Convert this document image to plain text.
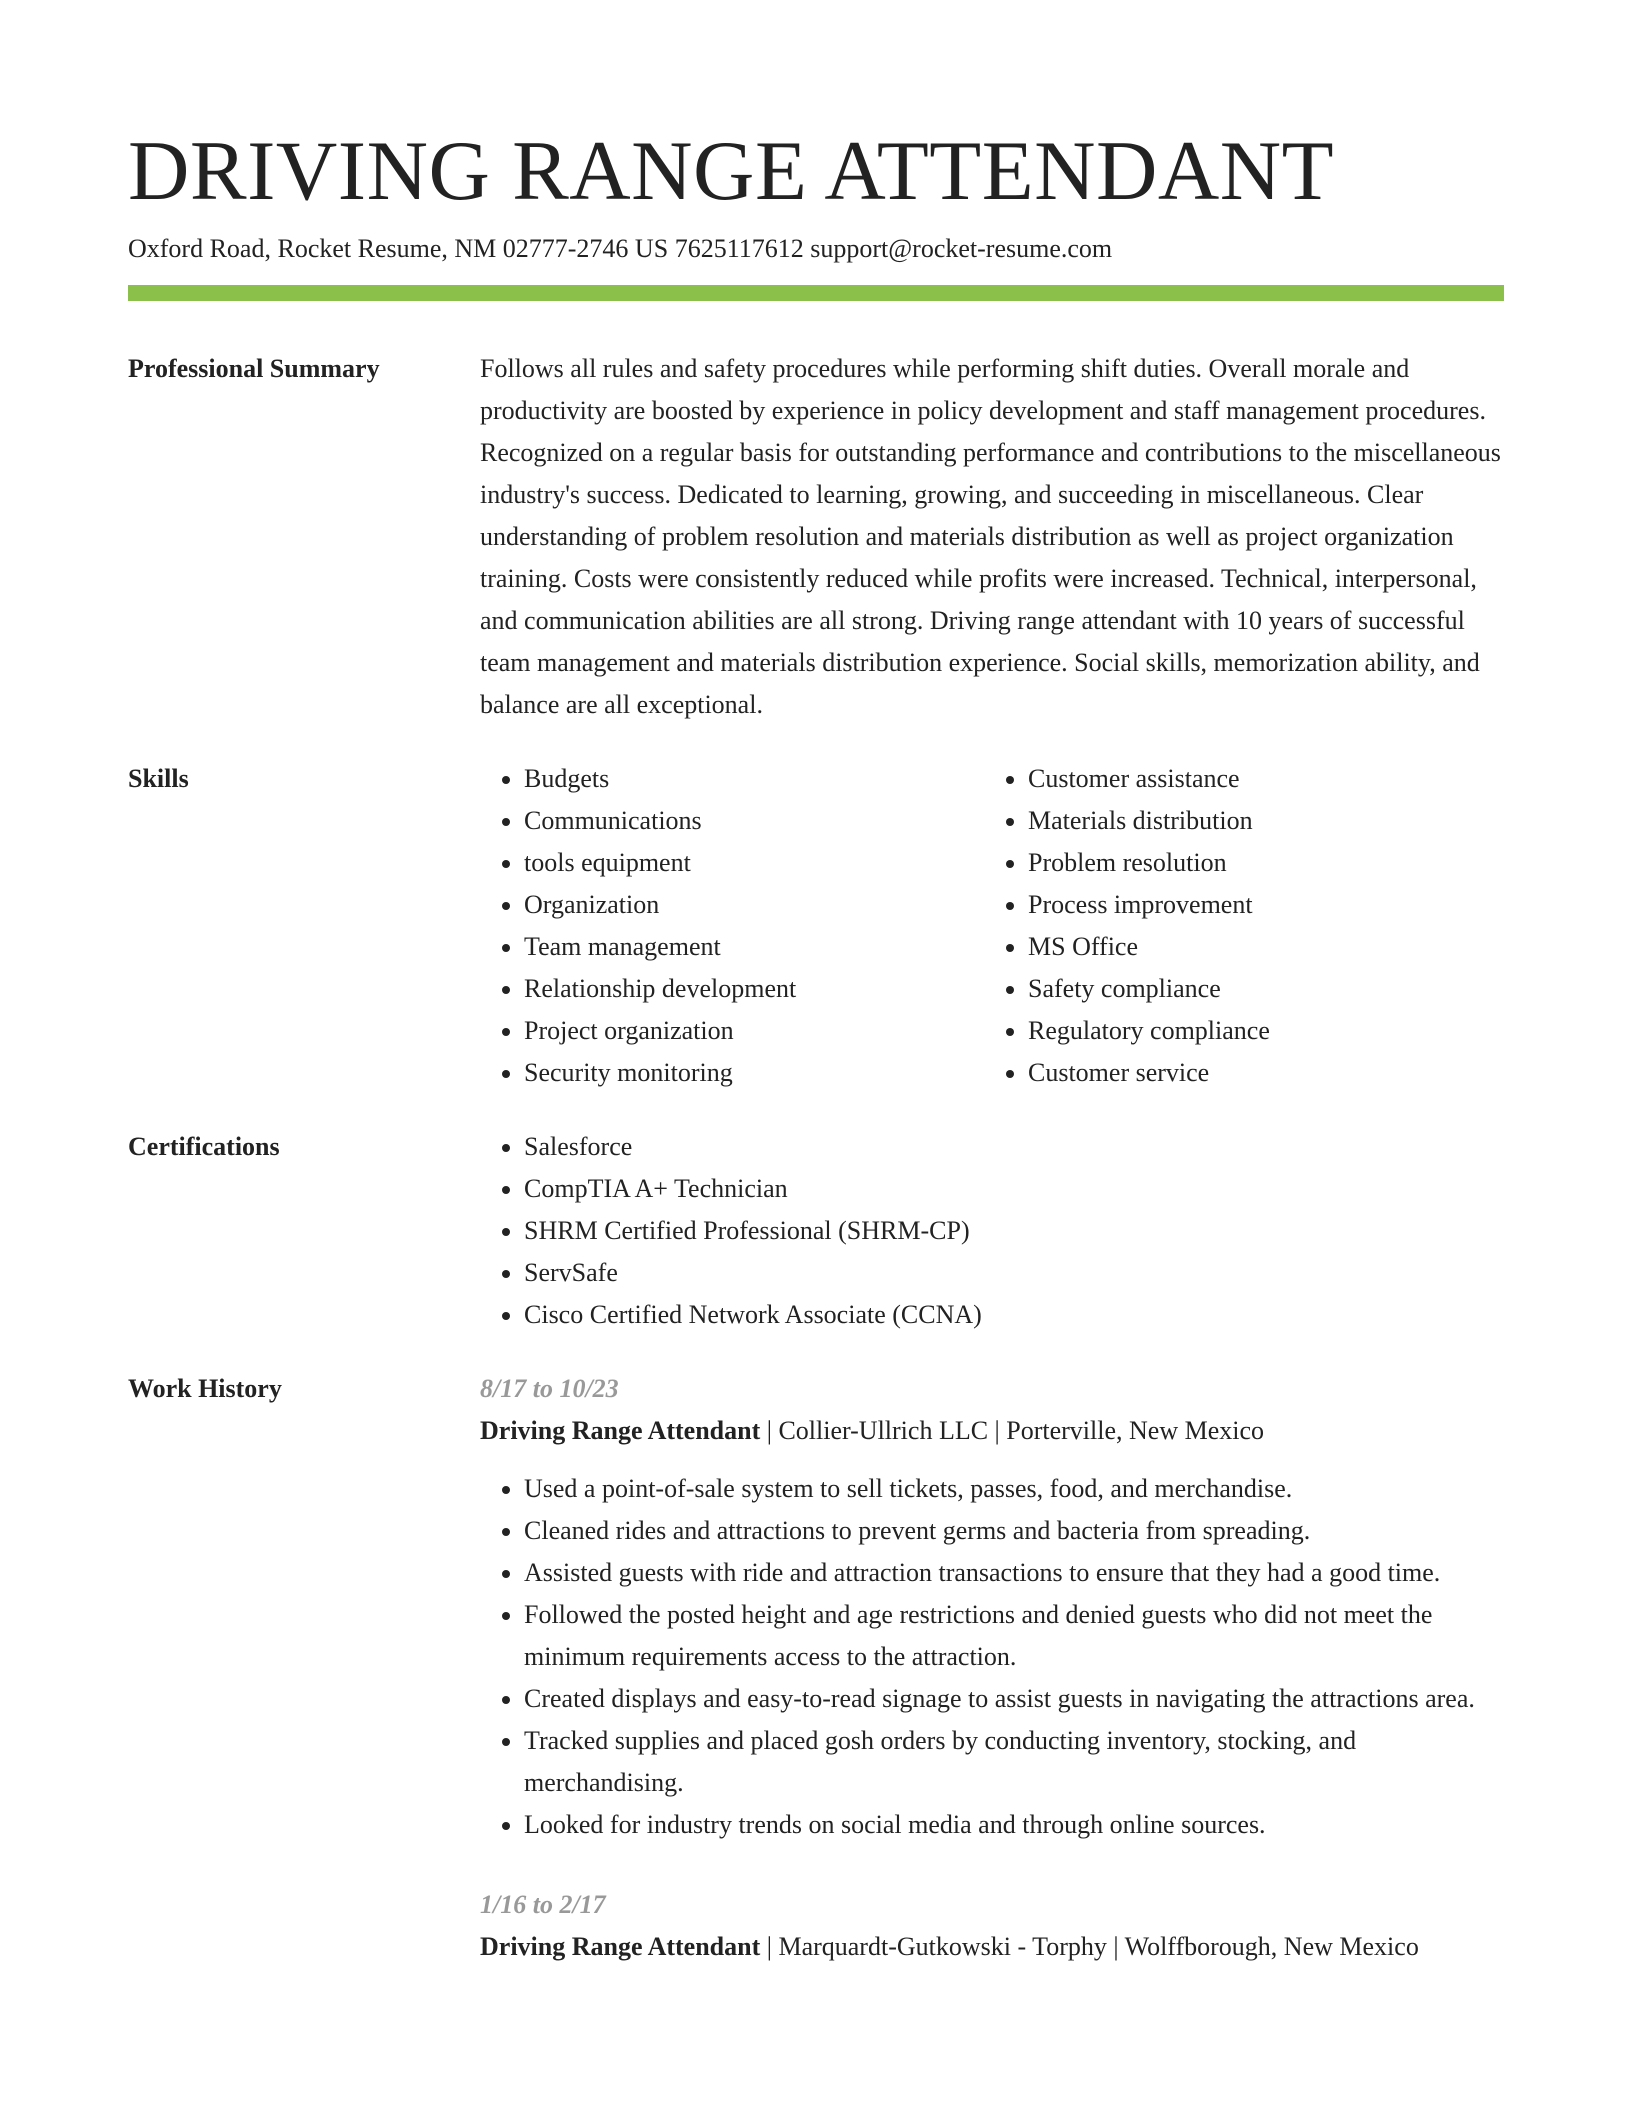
DRIVING RANGE ATTENDANT
Oxford Road, Rocket Resume, NM 02777-2746 US 7625117612 support@rocket-resume.com
Professional Summary	Follows all rules and safety procedures while performing shift duties. Overall morale and productivity are boosted by experience in policy development and staff management procedures. Recognized on a regular basis for outstanding performance and contributions to the miscellaneous industry's success. Dedicated to learning, growing, and succeeding in miscellaneous. Clear understanding of problem resolution and materials distribution as well as project organization training. Costs were consistently reduced while profits were increased. Technical, interpersonal, and communication abilities are all strong. Driving range attendant with 10 years of successful team management and materials distribution experience. Social skills, memorization ability, and balance are all exceptional.
Skills	• Budgets
• Communications
• tools equipment
• Organization
• Team management
• Relationship development
• Project organization
• Security monitoring
• Customer assistance
• Materials distribution
• Problem resolution
• Process improvement
• MS Office
• Safety compliance
• Regulatory compliance
• Customer service
Certifications	• Salesforce
• CompTIA A+ Technician
• SHRM Certified Professional (SHRM-CP)
• ServSafe
• Cisco Certified Network Associate (CCNA)
Work History	8/17 to 10/23
Driving Range Attendant | Collier-Ullrich LLC | Porterville, New Mexico
• Used a point-of-sale system to sell tickets, passes, food, and merchandise.
• Cleaned rides and attractions to prevent germs and bacteria from spreading.
• Assisted guests with ride and attraction transactions to ensure that they had a good time.
• Followed the posted height and age restrictions and denied guests who did not meet the minimum requirements access to the attraction.
• Created displays and easy-to-read signage to assist guests in navigating the attractions area.
• Tracked supplies and placed gosh orders by conducting inventory, stocking, and merchandising.
• Looked for industry trends on social media and through online sources.
1/16 to 2/17
Driving Range Attendant | Marquardt-Gutkowski - Torphy | Wolffborough, New Mexico
